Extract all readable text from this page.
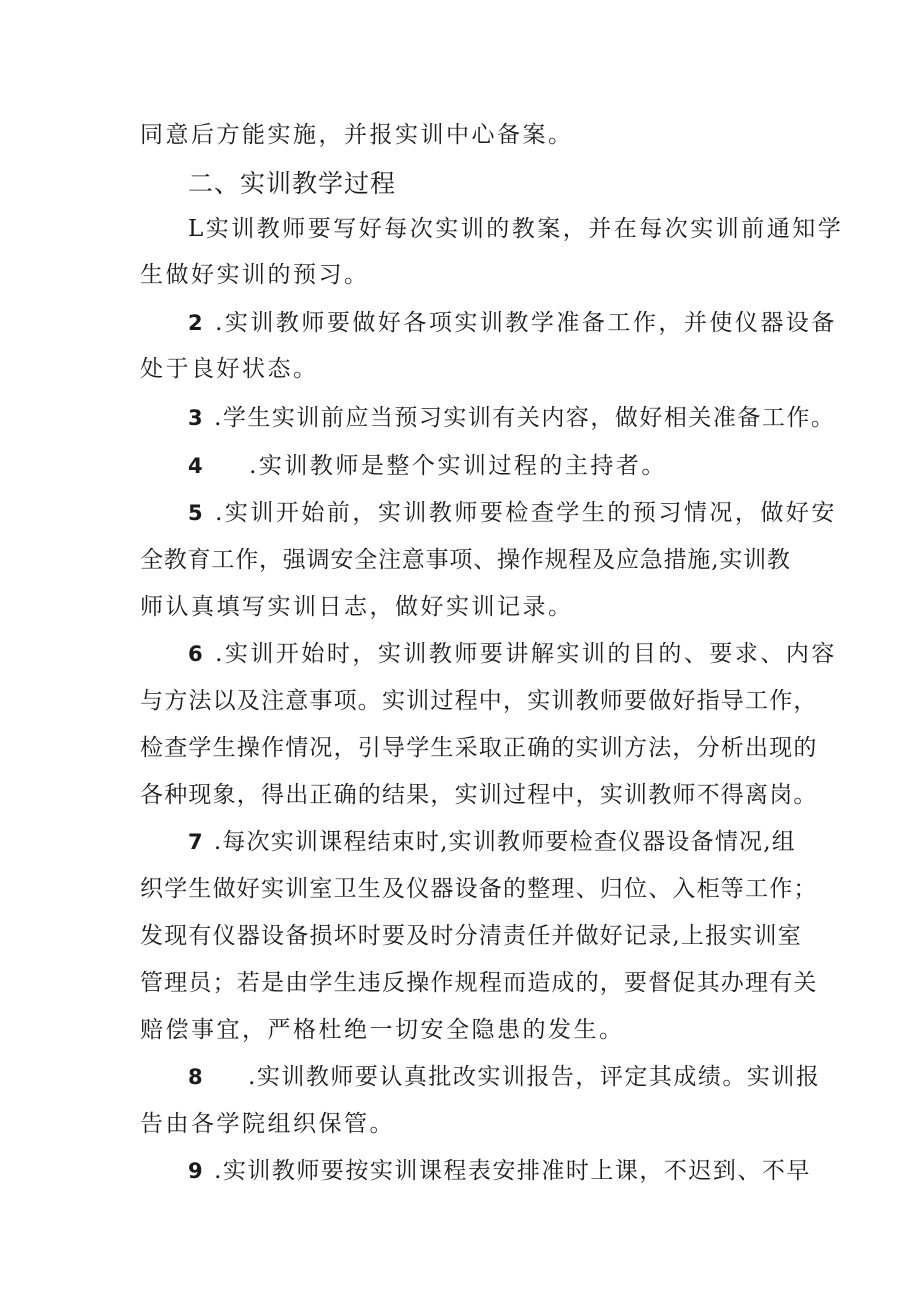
同意后方能实施，并报实训中心备案。
二、实训教学过程
L实训教师要写好每次实训的教案，并在每次实训前通知学
生做好实训的预习。
2 .实训教师要做好各项实训教学准备工作，并使仪器设备
处于良好状态。
3 .学生实训前应当预习实训有关内容，做好相关准备工作。
4 .实训教师是整个实训过程的主持者。
5 .实训开始前，实训教师要检查学生的预习情况，做好安
全教育工作，强调安全注意事项、操作规程及应急措施,实训教
师认真填写实训日志，做好实训记录。
6 .实训开始时，实训教师要讲解实训的目的、要求、内容
与方法以及注意事项。实训过程中，实训教师要做好指导工作，
检查学生操作情况，引导学生采取正确的实训方法，分析出现的
各种现象，得出正确的结果，实训过程中，实训教师不得离岗。
7 .每次实训课程结束时,实训教师要检查仪器设备情况,组
织学生做好实训室卫生及仪器设备的整理、归位、入柜等工作；
发现有仪器设备损坏时要及时分清责任并做好记录,上报实训室
管理员；若是由学生违反操作规程而造成的，要督促其办理有关
赔偿事宜，严格杜绝一切安全隐患的发生。
8 .实训教师要认真批改实训报告，评定其成绩。实训报
告由各学院组织保管。
9 .实训教师要按实训课程表安排准时上课，不迟到、不早
